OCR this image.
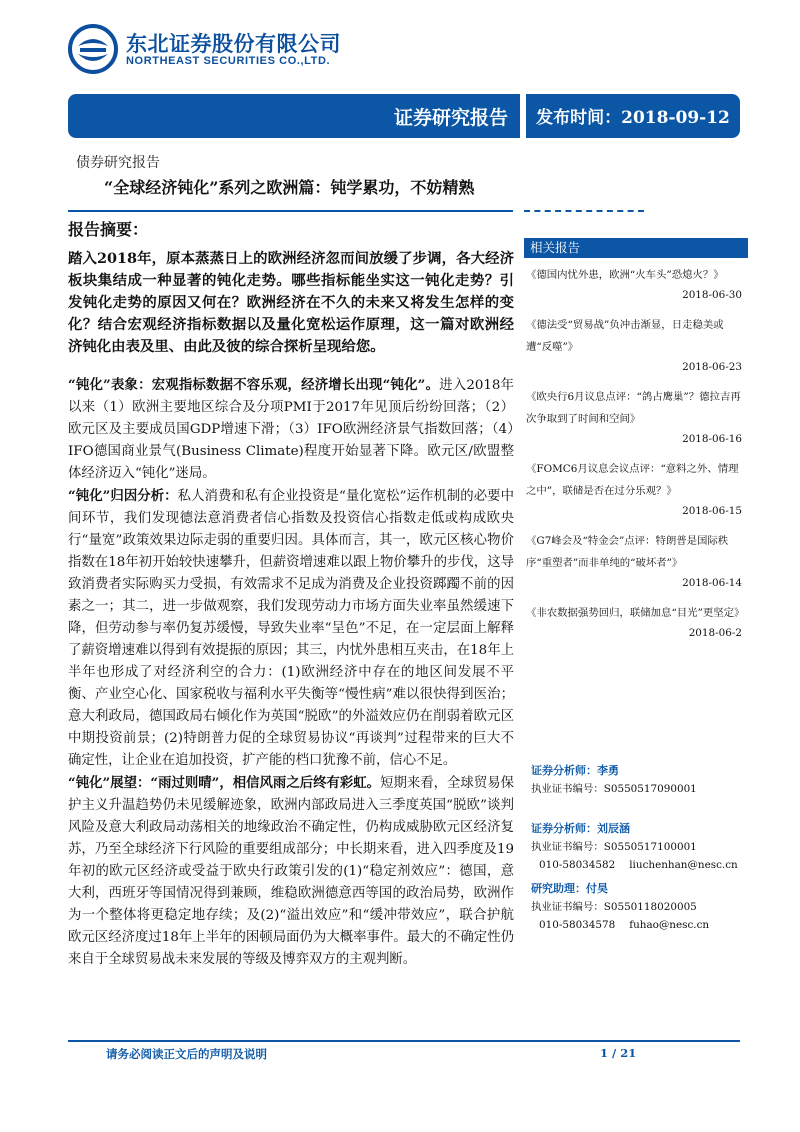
东北证券股份有限公司
NORTHEAST SECURITIES CO.,LTD.
证券研究报告	发布时间：2018-09-12
债券研究报告
“全球经济钝化”系列之欧洲篇：钝学累功，不妨精熟
报告摘要：
踏入2018年，原本蒸蒸日上的欧洲经济忽而间放缓了步调，各大经济板块集结成一种显著的钝化走势。哪些指标能坐实这一钝化走势？引发钝化走势的原因又何在？欧洲经济在不久的未来又将发生怎样的变化？结合宏观经济指标数据以及量化宽松运作原理，这一篇对欧洲经济钝化由表及里、由此及彼的综合探析呈现给您。

“钝化”表象：宏观指标数据不容乐观，经济增长出现“钝化”。进入2018年以来（1）欧洲主要地区综合及分项PMI于2017年见顶后纷纷回落；（2）欧元区及主要成员国GDP增速下滑；（3）IFO欧洲经济景气指数回落；（4）IFO德国商业景气(Business Climate)程度开始显著下降。欧元区/欧盟整体经济迈入“钝化”迷局。

“钝化”归因分析：私人消费和私有企业投资是“量化宽松”运作机制的必要中间环节，我们发现德法意消费者信心指数及投资信心指数走低或构成欧央行“量宽”政策效果边际走弱的重要归因。具体而言，其一，欧元区核心物价指数在18年初开始较快速攀升，但薪资增速难以跟上物价攀升的步伐，这导致消费者实际购买力受损，有效需求不足成为消费及企业投资踯躅不前的因素之一；其二，进一步做观察，我们发现劳动力市场方面失业率虽然缓速下降，但劳动参与率仍复苏缓慢，导致失业率“呈色”不足，在一定层面上解释了薪资增速难以得到有效提振的原因；其三，内忧外患相互夹击，在18年上半年也形成了对经济利空的合力：(1)欧洲经济中存在的地区间发展不平衡、产业空心化、国家税收与福利水平失衡等“慢性病”难以很快得到医治；意大利政局，德国政局右倾化作为英国“脱欧”的外溢效应仍在削弱着欧元区中期投资前景；(2)特朗普力促的全球贸易协议“再谈判”过程带来的巨大不确定性，让企业在追加投资，扩产能的档口犹豫不前，信心不足。

“钝化”展望：“雨过则晴”，相信风雨之后终有彩虹。短期来看，全球贸易保护主义升温趋势仍未见缓解迹象，欧洲内部政局进入三季度英国“脱欧”谈判风险及意大利政局动荡相关的地缘政治不确定性，仍构成威胁欧元区经济复苏，乃至全球经济下行风险的重要组成部分；中长期来看，进入四季度及19年初的欧元区经济或受益于欧央行政策引发的(1)“稳定剂效应”：德国，意大利，西班牙等国情况得到兼顾，维稳欧洲德意西等国的政治局势，欧洲作为一个整体将更稳定地存续；及(2)“溢出效应”和“缓冲带效应”，联合护航欧元区经济度过18年上半年的困顿局面仍为大概率事件。最大的不确定性仍来自于全球贸易战未来发展的等级及博弈双方的主观判断。

相关报告
《德国内忧外患，欧洲“火车头”恐熄火？》
2018-06-30
《德法受“贸易战”负冲击渐显，日走稳美或遭“反噬”》
2018-06-23
《欧央行6月议息点评：“鸽占鹰巢”？德拉吉再次争取到了时间和空间》
2018-06-16
《FOMC6月议息会议点评：“意料之外、情理之中”，联储是否在过分乐观？》
2018-06-15
《G7峰会及“特金会”点评：特朗普是国际秩序“重塑者”而非单纯的“破坏者”》
2018-06-14
《非农数据强势回归，联储加息“目光”更坚定》
2018-06-2
证券分析师：李勇
执业证书编号：S0550517090001
证券分析师：刘辰涵
执业证书编号：S0550517100001
010-58034582 liuchenhan@nesc.cn
研究助理：付昊
执业证书编号：S0550118020005
010-58034578 fuhao@nesc.cn
请务必阅读正文后的声明及说明	1 / 21
